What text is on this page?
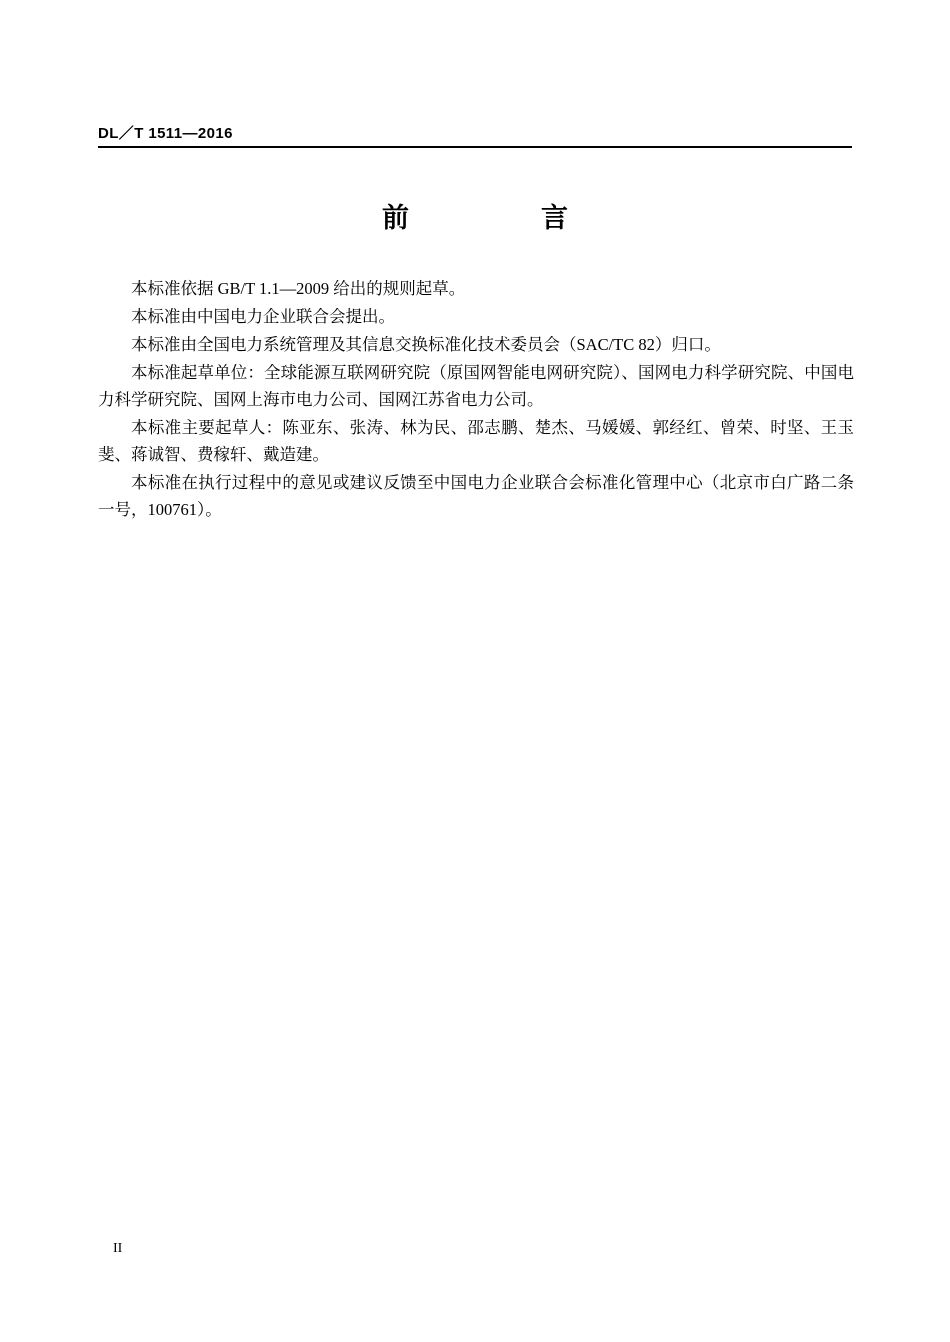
DL／T 1511—2016
前　　言

本标准依据 GB/T 1.1—2009 给出的规则起草。

本标准由中国电力企业联合会提出。

本标准由全国电力系统管理及其信息交换标准化技术委员会（SAC/TC 82）归口。

本标准起草单位：全球能源互联网研究院（原国网智能电网研究院）、国网电力科学研究院、中国电力科学研究院、国网上海市电力公司、国网江苏省电力公司。

本标准主要起草人：陈亚东、张涛、林为民、邵志鹏、楚杰、马媛媛、郭经红、曾荣、时坚、王玉斐、蒋诚智、费稼轩、戴造建。

本标准在执行过程中的意见或建议反馈至中国电力企业联合会标准化管理中心（北京市白广路二条一号，100761）。

II
